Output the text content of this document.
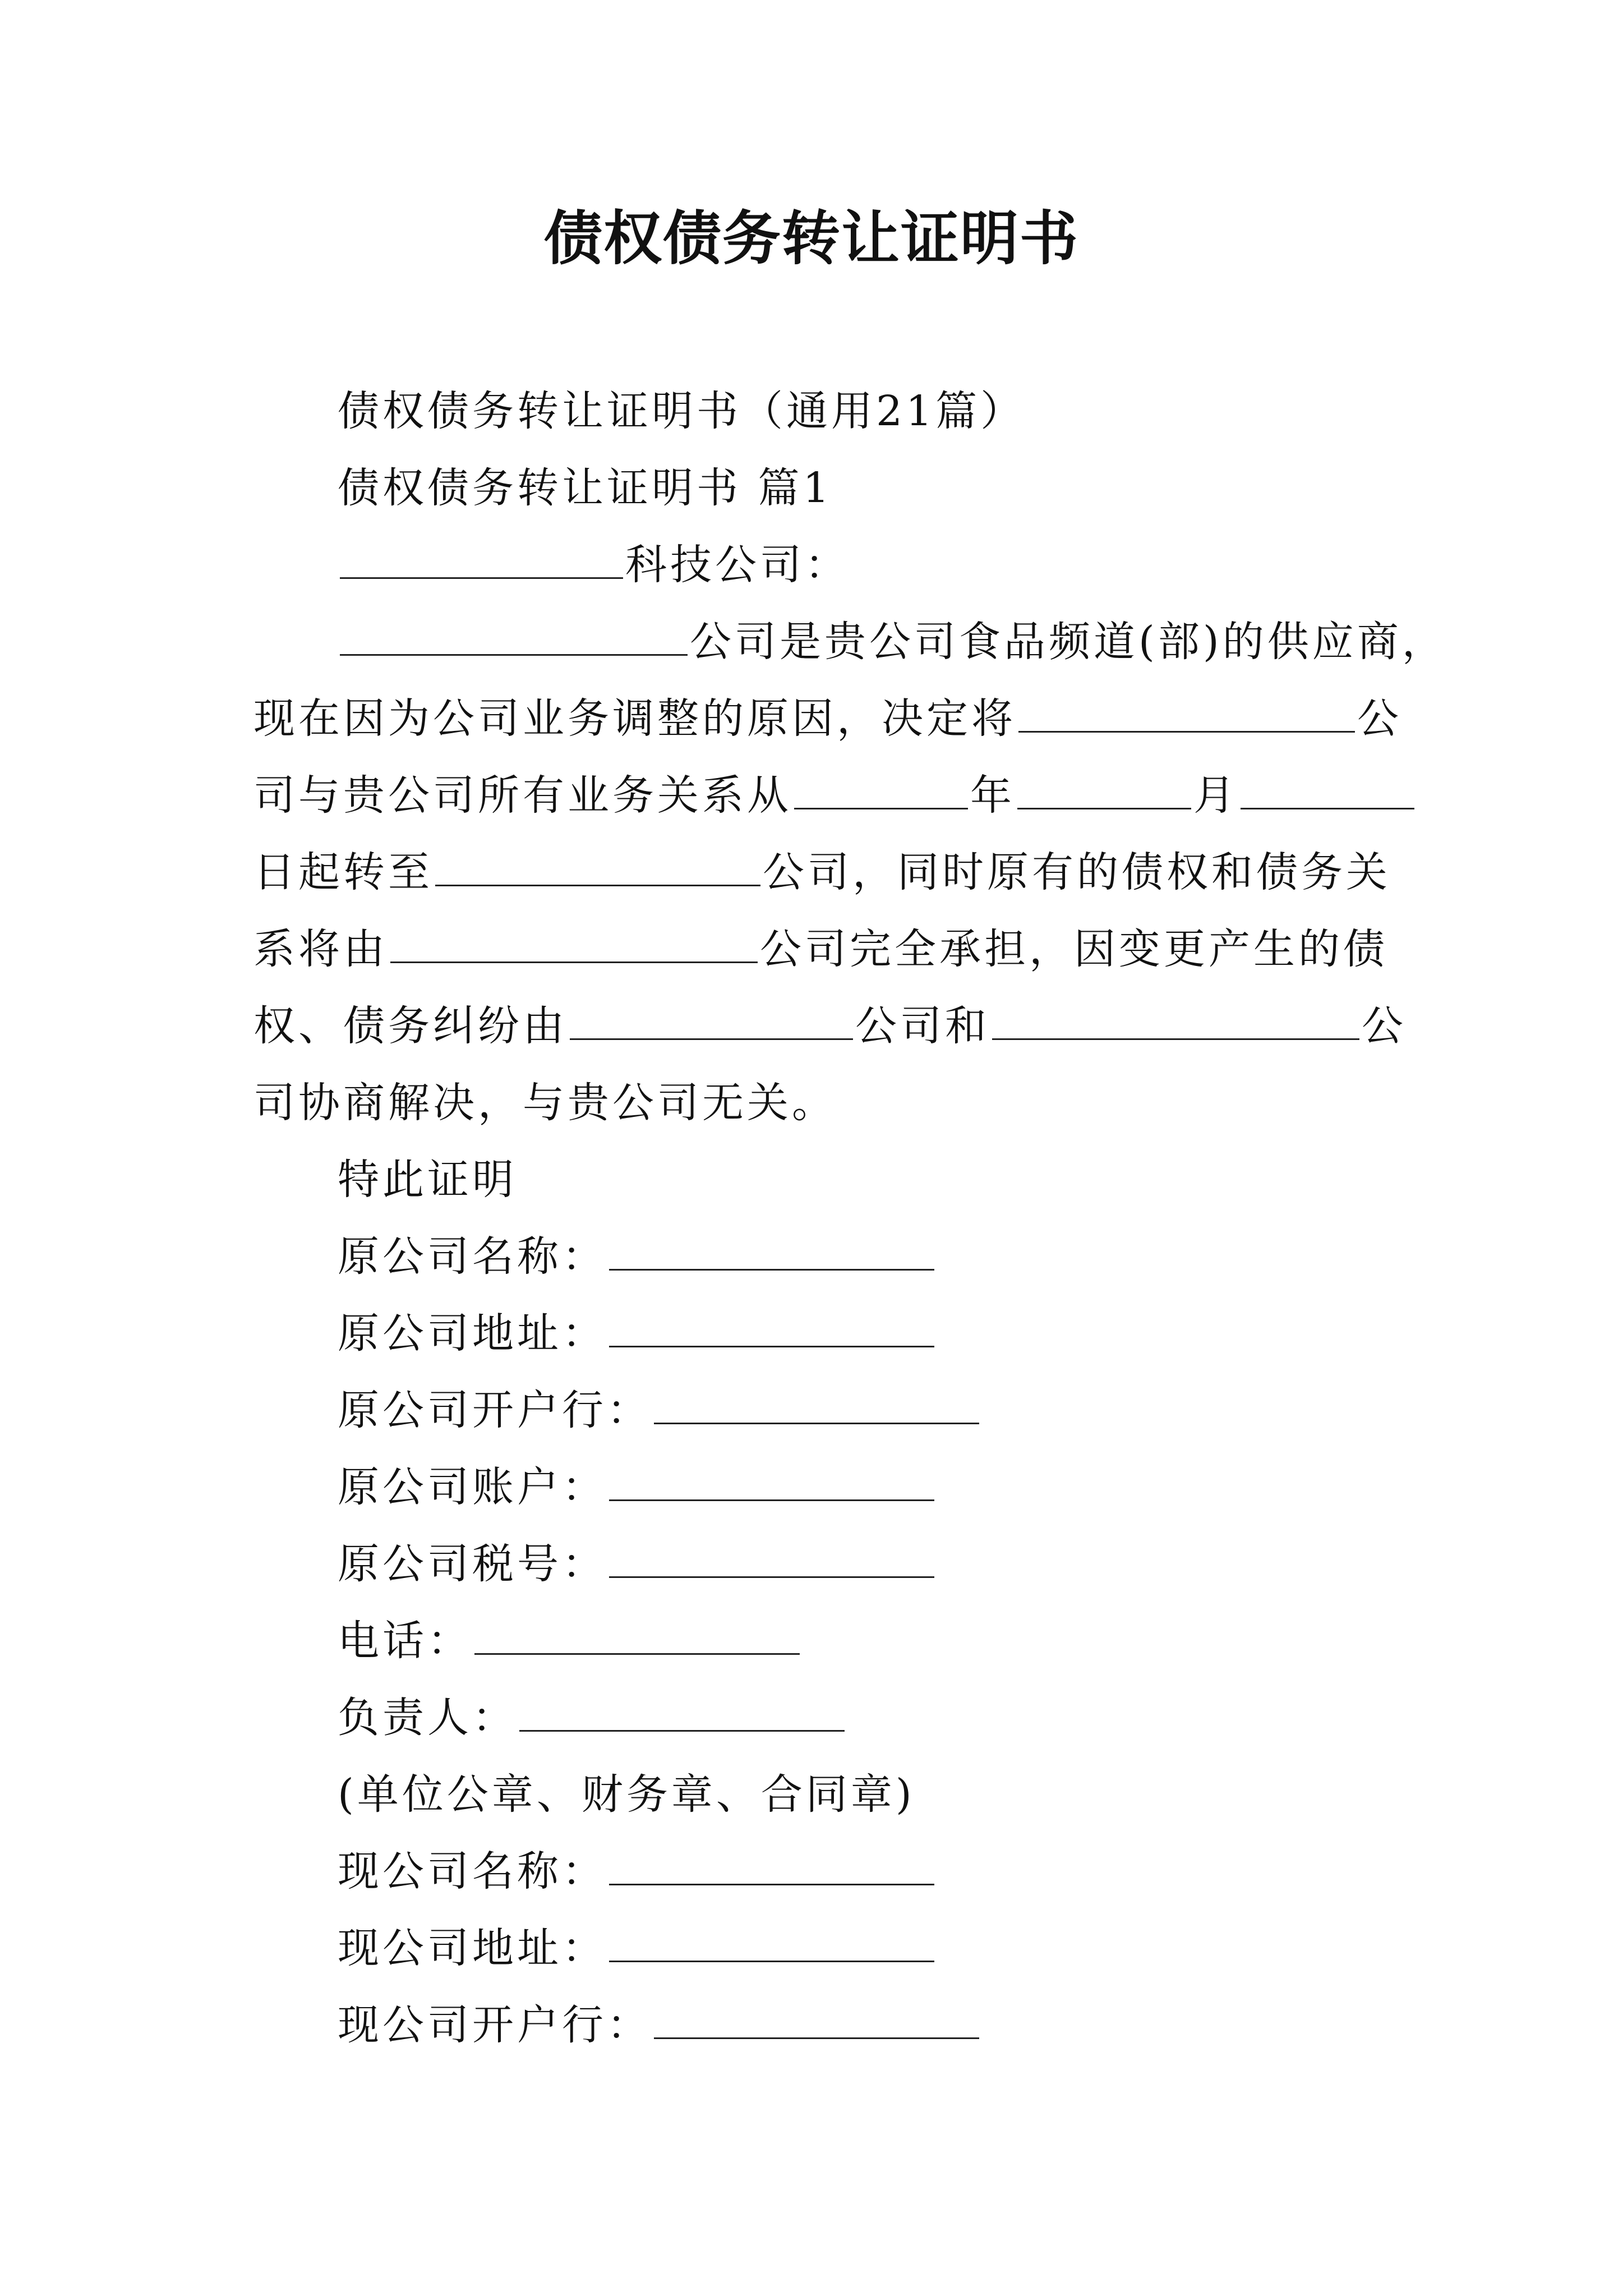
债权债务转让证明书
债权债务转让证明书（通用21篇）
债权债务转让证明书 篇1
科技公司：
公司是贵公司食品频道(部)的供应商，
现在因为公司业务调整的原因，决定将	公
司与贵公司所有业务关系从	年	月
日起转至	公司，同时原有的债权和债务关
系将由	公司完全承担，因变更产生的债
权、债务纠纷由	公司和	公
司协商解决，与贵公司无关。
特此证明
原公司名称：
原公司地址：
原公司开户行：
原公司账户：
原公司税号：
电话：
负责人：
(单位公章、财务章、合同章)
现公司名称：
现公司地址：
现公司开户行：
